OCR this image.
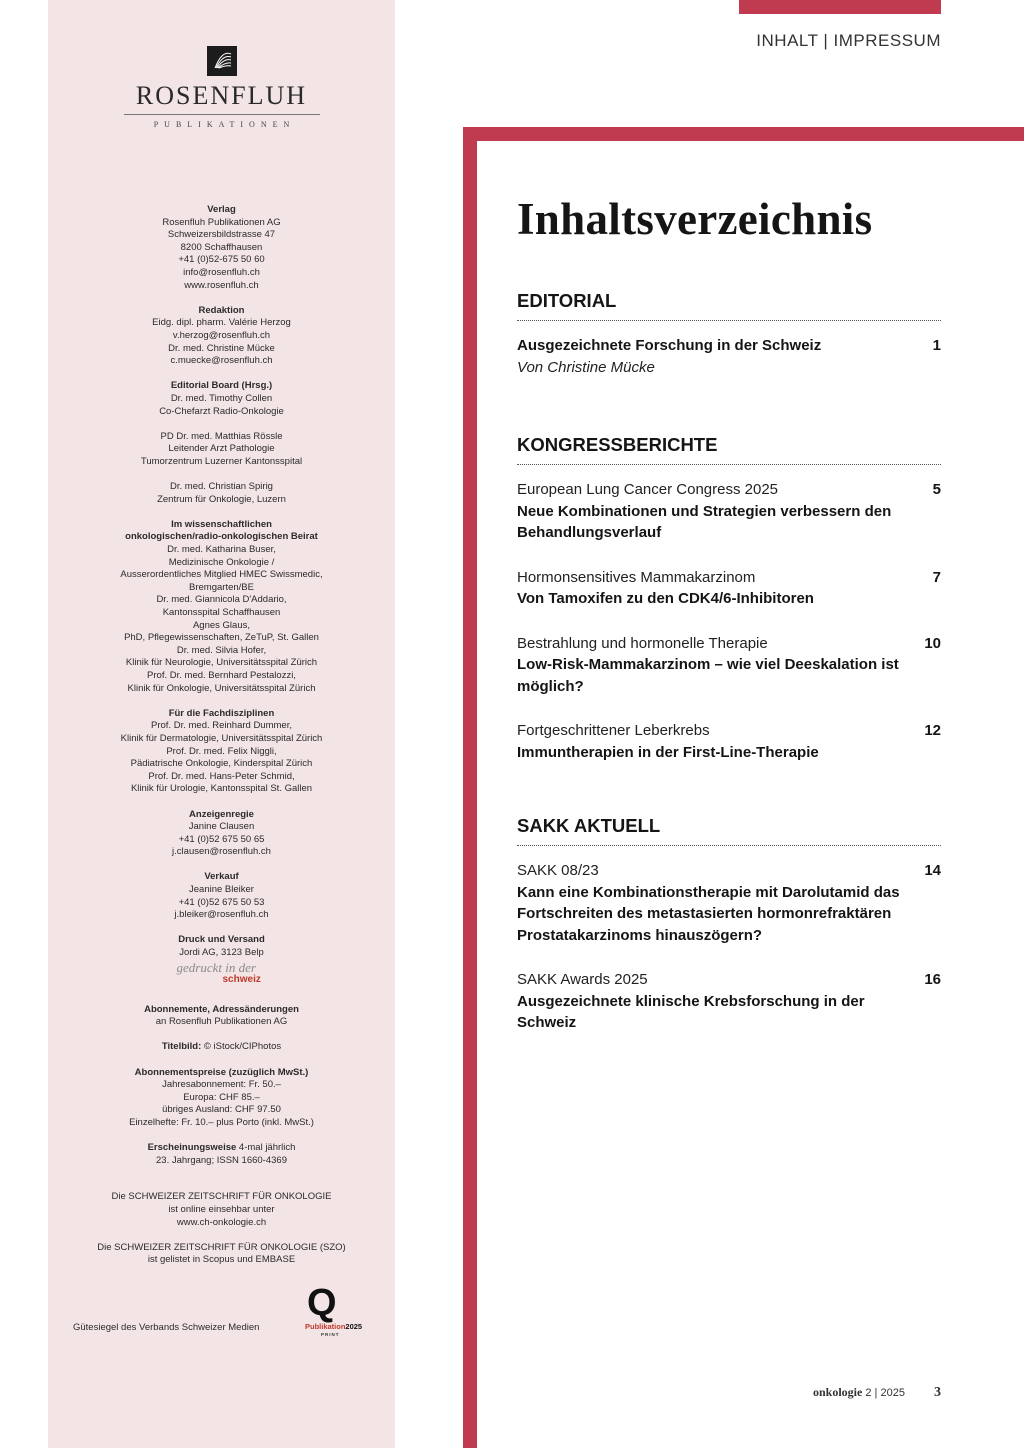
ROSENFLUH
PUBLIKATIONEN
Verlag
Rosenfluh Publikationen AG
Schweizersbildstrasse 47
8200 Schaffhausen
+41 (0)52-675 50 60
info@rosenfluh.ch
www.rosenfluh.ch
Redaktion
Eidg. dipl. pharm. Valérie Herzog
v.herzog@rosenfluh.ch
Dr. med. Christine Mücke
c.muecke@rosenfluh.ch
Editorial Board (Hrsg.)
Dr. med. Timothy Collen
Co-Chefarzt Radio-Onkologie
PD Dr. med. Matthias Rössle
Leitender Arzt Pathologie
Tumorzentrum Luzerner Kantonsspital
Dr. med. Christian Spirig
Zentrum für Onkologie, Luzern
Im wissenschaftlichen
onkologischen/radio-onkologischen Beirat
Dr. med. Katharina Buser,
Medizinische Onkologie /
Ausserordentliches Mitglied HMEC Swissmedic,
Bremgarten/BE
Dr. med. Giannicola D'Addario,
Kantonsspital Schaffhausen
Agnes Glaus,
PhD, Pflegewissenschaften, ZeTuP, St. Gallen
Dr. med. Silvia Hofer,
Klinik für Neurologie, Universitätsspital Zürich
Prof. Dr. med. Bernhard Pestalozzi,
Klinik für Onkologie, Universitätsspital Zürich
Für die Fachdisziplinen
Prof. Dr. med. Reinhard Dummer,
Klinik für Dermatologie, Universitätsspital Zürich
Prof. Dr. med. Felix Niggli,
Pädiatrische Onkologie, Kinderspital Zürich
Prof. Dr. med. Hans-Peter Schmid,
Klinik für Urologie, Kantonsspital St. Gallen
Anzeigenregie
Janine Clausen
+41 (0)52 675 50 65
j.clausen@rosenfluh.ch
Verkauf
Jeanine Bleiker
+41 (0)52 675 50 53
j.bleiker@rosenfluh.ch
Druck und Versand
Jordi AG, 3123 Belp
gedruckt in der
schweiz
Abonnemente, Adressänderungen
an Rosenfluh Publikationen AG
Titelbild: © iStock/CIPhotos
Abonnementspreise (zuzüglich MwSt.)
Jahresabonnement: Fr. 50.–
Europa: CHF 85.–
übriges Ausland: CHF 97.50
Einzelhefte: Fr. 10.– plus Porto (inkl. MwSt.)
Erscheinungsweise 4-mal jährlich
23. Jahrgang; ISSN 1660-4369
Die SCHWEIZER ZEITSCHRIFT FÜR ONKOLOGIE
ist online einsehbar unter
www.ch-onkologie.ch
Die SCHWEIZER ZEITSCHRIFT FÜR ONKOLOGIE (SZO)
ist gelistet in Scopus und EMBASE
Gütesiegel des Verbands Schweizer Medien
Q
Publikation2025
PRINT
INHALT | IMPRESSUM
Inhaltsverzeichnis
EDITORIAL
Ausgezeichnete Forschung in der Schweiz
Von Christine Mücke
1
KONGRESSBERICHTE
European Lung Cancer Congress 2025
Neue Kombinationen und Strategien verbessern den Behandlungsverlauf
5
Hormonsensitives Mammakarzinom
Von Tamoxifen zu den CDK4/6-Inhibitoren
7
Bestrahlung und hormonelle Therapie
Low-Risk-Mammakarzinom – wie viel Deeskalation ist möglich?
10
Fortgeschrittener Leberkrebs
Immuntherapien in der First-Line-Therapie
12
SAKK AKTUELL
SAKK 08/23
Kann eine Kombinationstherapie mit Darolutamid das Fortschreiten des metastasierten hormonrefraktären Prostatakarzinoms hinauszögern?
14
SAKK Awards 2025
Ausgezeichnete klinische Krebsforschung in der Schweiz
16
onkologie 2 | 2025 3
